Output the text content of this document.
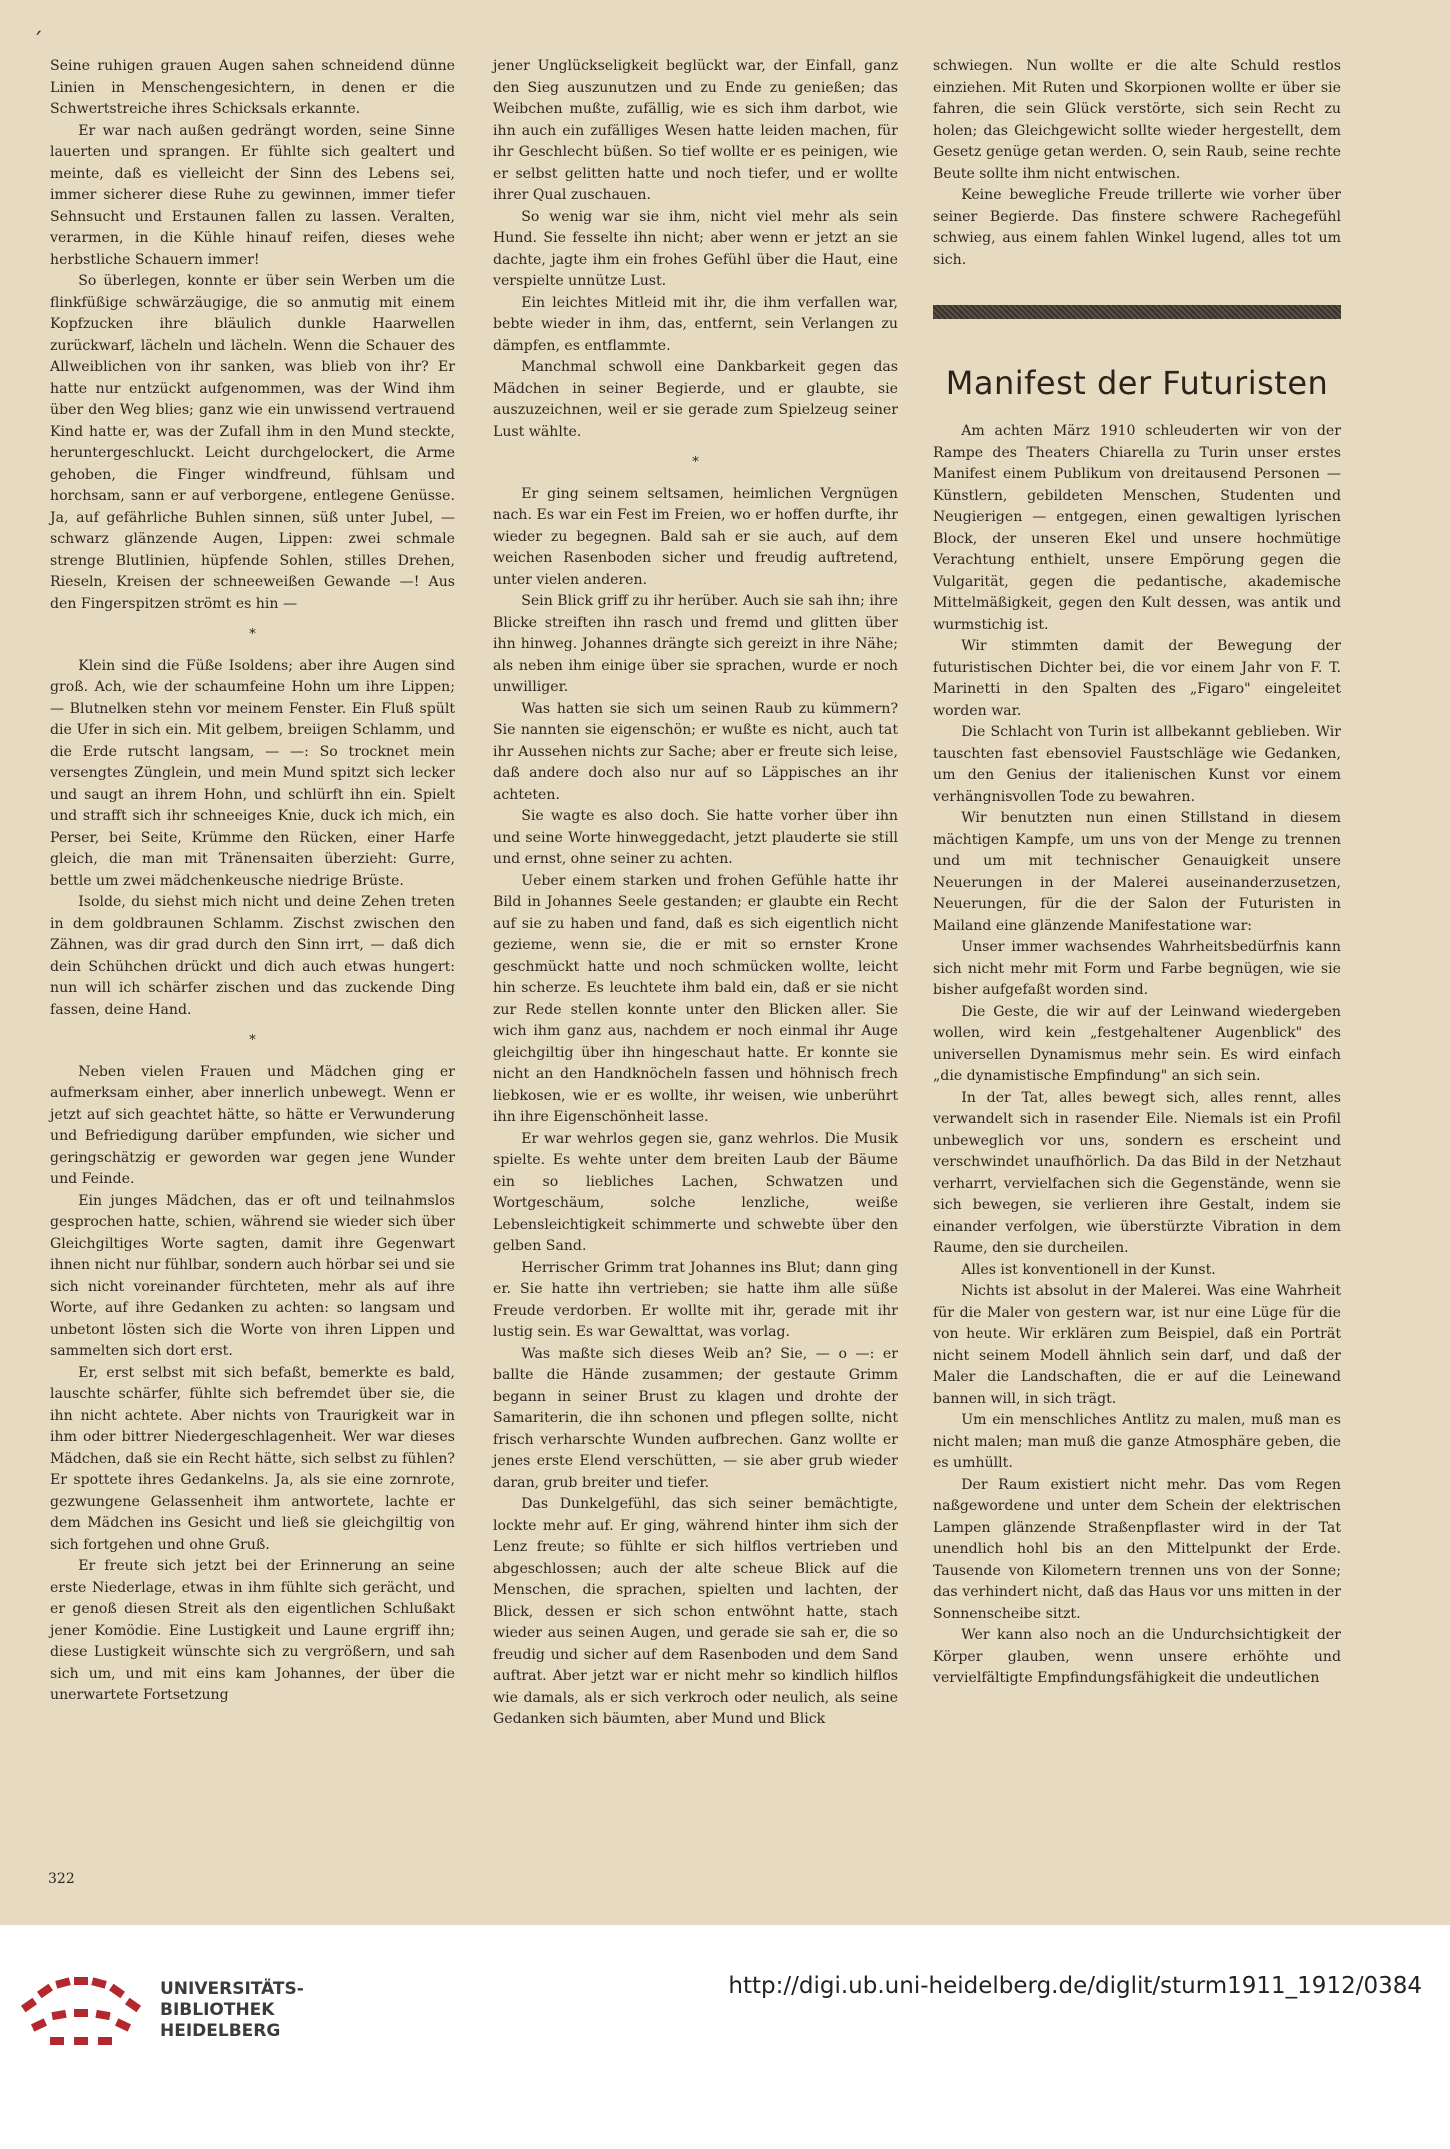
´

Seine ruhigen grauen Augen sahen schneidend dünne Linien in Menschengesichtern, in denen er die Schwertstreiche ihres Schicksals erkannte.

Er war nach außen gedrängt worden, seine Sinne lauerten und sprangen. Er fühlte sich gealtert und meinte, daß es vielleicht der Sinn des Lebens sei, immer sicherer diese Ruhe zu gewinnen, immer tiefer Sehnsucht und Erstaunen fallen zu lassen. Veralten, verarmen, in die Kühle hinauf reifen, dieses wehe herbstliche Schauern immer!

So überlegen, konnte er über sein Werben um die flinkfüßige schwärzäugige, die so anmutig mit einem Kopfzucken ihre bläulich dunkle Haarwellen zurückwarf, lächeln und lächeln. Wenn die Schauer des Allweiblichen von ihr sanken, was blieb von ihr? Er hatte nur entzückt aufgenommen, was der Wind ihm über den Weg blies; ganz wie ein unwissend vertrauend Kind hatte er, was der Zufall ihm in den Mund steckte, heruntergeschluckt. Leicht durchgelockert, die Arme gehoben, die Finger windfreund, fühlsam und horchsam, sann er auf verborgene, entlegene Genüsse. Ja, auf gefährliche Buhlen sinnen, süß unter Jubel, — schwarz glänzende Augen, Lippen: zwei schmale strenge Blutlinien, hüpfende Sohlen, stilles Drehen, Rieseln, Kreisen der schneeweißen Gewande —! Aus den Fingerspitzen strömt es hin —

*

Klein sind die Füße Isoldens; aber ihre Augen sind groß. Ach, wie der schaumfeine Hohn um ihre Lippen; — Blutnelken stehn vor meinem Fenster. Ein Fluß spült die Ufer in sich ein. Mit gelbem, breiigen Schlamm, und die Erde rutscht langsam, — —: So trocknet mein versengtes Zünglein, und mein Mund spitzt sich lecker und saugt an ihrem Hohn, und schlürft ihn ein. Spielt und strafft sich ihr schneeiges Knie, duck ich mich, ein Perser, bei Seite, Krümme den Rücken, einer Harfe gleich, die man mit Tränensaiten überzieht: Gurre, bettle um zwei mädchenkeusche niedrige Brüste.

Isolde, du siehst mich nicht und deine Zehen treten in dem goldbraunen Schlamm. Zischst zwischen den Zähnen, was dir grad durch den Sinn irrt, — daß dich dein Schühchen drückt und dich auch etwas hungert: nun will ich schärfer zischen und das zuckende Ding fassen, deine Hand.

*

Neben vielen Frauen und Mädchen ging er aufmerksam einher, aber innerlich unbewegt. Wenn er jetzt auf sich geachtet hätte, so hätte er Verwunderung und Befriedigung darüber empfunden, wie sicher und geringschätzig er geworden war gegen jene Wunder und Feinde.

Ein junges Mädchen, das er oft und teilnahmslos gesprochen hatte, schien, während sie wieder sich über Gleichgiltiges Worte sagten, damit ihre Gegenwart ihnen nicht nur fühlbar, sondern auch hörbar sei und sie sich nicht voreinander fürchteten, mehr als auf ihre Worte, auf ihre Gedanken zu achten: so langsam und unbetont lösten sich die Worte von ihren Lippen und sammelten sich dort erst.

Er, erst selbst mit sich befaßt, bemerkte es bald, lauschte schärfer, fühlte sich befremdet über sie, die ihn nicht achtete. Aber nichts von Traurigkeit war in ihm oder bittrer Niedergeschlagenheit. Wer war dieses Mädchen, daß sie ein Recht hätte, sich selbst zu fühlen? Er spottete ihres Gedankelns. Ja, als sie eine zornrote, gezwungene Gelassenheit ihm antwortete, lachte er dem Mädchen ins Gesicht und ließ sie gleichgiltig von sich fortgehen und ohne Gruß.

Er freute sich jetzt bei der Erinnerung an seine erste Niederlage, etwas in ihm fühlte sich gerächt, und er genoß diesen Streit als den eigentlichen Schlußakt jener Komödie. Eine Lustigkeit und Laune ergriff ihn; diese Lustigkeit wünschte sich zu vergrößern, und sah sich um, und mit eins kam Johannes, der über die unerwartete Fortsetzung

jener Unglückseligkeit beglückt war, der Einfall, ganz den Sieg auszunutzen und zu Ende zu genießen; das Weibchen mußte, zufällig, wie es sich ihm darbot, wie ihn auch ein zufälliges Wesen hatte leiden machen, für ihr Geschlecht büßen. So tief wollte er es peinigen, wie er selbst gelitten hatte und noch tiefer, und er wollte ihrer Qual zuschauen.

So wenig war sie ihm, nicht viel mehr als sein Hund. Sie fesselte ihn nicht; aber wenn er jetzt an sie dachte, jagte ihm ein frohes Gefühl über die Haut, eine verspielte unnütze Lust.

Ein leichtes Mitleid mit ihr, die ihm verfallen war, bebte wieder in ihm, das, entfernt, sein Verlangen zu dämpfen, es entflammte.

Manchmal schwoll eine Dankbarkeit gegen das Mädchen in seiner Begierde, und er glaubte, sie auszuzeichnen, weil er sie gerade zum Spielzeug seiner Lust wählte.

*

Er ging seinem seltsamen, heimlichen Vergnügen nach. Es war ein Fest im Freien, wo er hoffen durfte, ihr wieder zu begegnen. Bald sah er sie auch, auf dem weichen Rasenboden sicher und freudig auftretend, unter vielen anderen.

Sein Blick griff zu ihr herüber. Auch sie sah ihn; ihre Blicke streiften ihn rasch und fremd und glitten über ihn hinweg. Johannes drängte sich gereizt in ihre Nähe; als neben ihm einige über sie sprachen, wurde er noch unwilliger.

Was hatten sie sich um seinen Raub zu kümmern? Sie nannten sie eigenschön; er wußte es nicht, auch tat ihr Aussehen nichts zur Sache; aber er freute sich leise, daß andere doch also nur auf so Läppisches an ihr achteten.

Sie wagte es also doch. Sie hatte vorher über ihn und seine Worte hinweggedacht, jetzt plauderte sie still und ernst, ohne seiner zu achten.

Ueber einem starken und frohen Gefühle hatte ihr Bild in Johannes Seele gestanden; er glaubte ein Recht auf sie zu haben und fand, daß es sich eigentlich nicht gezieme, wenn sie, die er mit so ernster Krone geschmückt hatte und noch schmücken wollte, leicht hin scherze. Es leuchtete ihm bald ein, daß er sie nicht zur Rede stellen konnte unter den Blicken aller. Sie wich ihm ganz aus, nachdem er noch einmal ihr Auge gleichgiltig über ihn hingeschaut hatte. Er konnte sie nicht an den Handknöcheln fassen und höhnisch frech liebkosen, wie er es wollte, ihr weisen, wie unberührt ihn ihre Eigenschönheit lasse.

Er war wehrlos gegen sie, ganz wehrlos. Die Musik spielte. Es wehte unter dem breiten Laub der Bäume ein so liebliches Lachen, Schwatzen und Wortgeschäum, solche lenzliche, weiße Lebensleichtigkeit schimmerte und schwebte über den gelben Sand.

Herrischer Grimm trat Johannes ins Blut; dann ging er. Sie hatte ihn vertrieben; sie hatte ihm alle süße Freude verdorben. Er wollte mit ihr, gerade mit ihr lustig sein. Es war Gewalttat, was vorlag.

Was maßte sich dieses Weib an? Sie, — o —: er ballte die Hände zusammen; der gestaute Grimm begann in seiner Brust zu klagen und drohte der Samariterin, die ihn schonen und pflegen sollte, nicht frisch verharschte Wunden aufbrechen. Ganz wollte er jenes erste Elend verschütten, — sie aber grub wieder daran, grub breiter und tiefer.

Das Dunkelgefühl, das sich seiner bemächtigte, lockte mehr auf. Er ging, während hinter ihm sich der Lenz freute; so fühlte er sich hilflos vertrieben und abgeschlossen; auch der alte scheue Blick auf die Menschen, die sprachen, spielten und lachten, der Blick, dessen er sich schon entwöhnt hatte, stach wieder aus seinen Augen, und gerade sie sah er, die so freudig und sicher auf dem Rasenboden und dem Sand auftrat. Aber jetzt war er nicht mehr so kindlich hilflos wie damals, als er sich verkroch oder neulich, als seine Gedanken sich bäumten, aber Mund und Blick

schwiegen. Nun wollte er die alte Schuld restlos einziehen. Mit Ruten und Skorpionen wollte er über sie fahren, die sein Glück verstörte, sich sein Recht zu holen; das Gleichgewicht sollte wieder hergestellt, dem Gesetz genüge getan werden. O, sein Raub, seine rechte Beute sollte ihm nicht entwischen.

Keine bewegliche Freude trillerte wie vorher über seiner Begierde. Das finstere schwere Rachegefühl schwieg, aus einem fahlen Winkel lugend, alles tot um sich.

Manifest der Futuristen

Am achten März 1910 schleuderten wir von der Rampe des Theaters Chiarella zu Turin unser erstes Manifest einem Publikum von dreitausend Personen — Künstlern, gebildeten Menschen, Studenten und Neugierigen — entgegen, einen gewaltigen lyrischen Block, der unseren Ekel und unsere hochmütige Verachtung enthielt, unsere Empörung gegen die Vulgarität, gegen die pedantische, akademische Mittelmäßigkeit, gegen den Kult dessen, was antik und wurmstichig ist.

Wir stimmten damit der Bewegung der futuristischen Dichter bei, die vor einem Jahr von F. T. Marinetti in den Spalten des „Figaro" eingeleitet worden war.

Die Schlacht von Turin ist allbekannt geblieben. Wir tauschten fast ebensoviel Faustschläge wie Gedanken, um den Genius der italienischen Kunst vor einem verhängnisvollen Tode zu bewahren.

Wir benutzten nun einen Stillstand in diesem mächtigen Kampfe, um uns von der Menge zu trennen und um mit technischer Genauigkeit unsere Neuerungen in der Malerei auseinanderzusetzen, Neuerungen, für die der Salon der Futuristen in Mailand eine glänzende Manifestatione war:

Unser immer wachsendes Wahrheitsbedürfnis kann sich nicht mehr mit Form und Farbe begnügen, wie sie bisher aufgefaßt worden sind.

Die Geste, die wir auf der Leinwand wiedergeben wollen, wird kein „festgehaltener Augenblick" des universellen Dynamismus mehr sein. Es wird einfach „die dynamistische Empfindung" an sich sein.

In der Tat, alles bewegt sich, alles rennt, alles verwandelt sich in rasender Eile. Niemals ist ein Profil unbeweglich vor uns, sondern es erscheint und verschwindet unaufhörlich. Da das Bild in der Netzhaut verharrt, vervielfachen sich die Gegenstände, wenn sie sich bewegen, sie verlieren ihre Gestalt, indem sie einander verfolgen, wie überstürzte Vibration in dem Raume, den sie durcheilen.

Alles ist konventionell in der Kunst.

Nichts ist absolut in der Malerei. Was eine Wahrheit für die Maler von gestern war, ist nur eine Lüge für die von heute. Wir erklären zum Beispiel, daß ein Porträt nicht seinem Modell ähnlich sein darf, und daß der Maler die Landschaften, die er auf die Leinewand bannen will, in sich trägt.

Um ein menschliches Antlitz zu malen, muß man es nicht malen; man muß die ganze Atmosphäre geben, die es umhüllt.

Der Raum existiert nicht mehr. Das vom Regen naßgewordene und unter dem Schein der elektrischen Lampen glänzende Straßenpflaster wird in der Tat unendlich hohl bis an den Mittelpunkt der Erde. Tausende von Kilometern trennen uns von der Sonne; das verhindert nicht, daß das Haus vor uns mitten in der Sonnenscheibe sitzt.

Wer kann also noch an die Undurchsichtigkeit der Körper glauben, wenn unsere erhöhte und vervielfältigte Empfindungsfähigkeit die undeutlichen

322
UNIVERSITÄTS-
BIBLIOTHEK
HEIDELBERG
http://digi.ub.uni-heidelberg.de/diglit/sturm1911_1912/0384
